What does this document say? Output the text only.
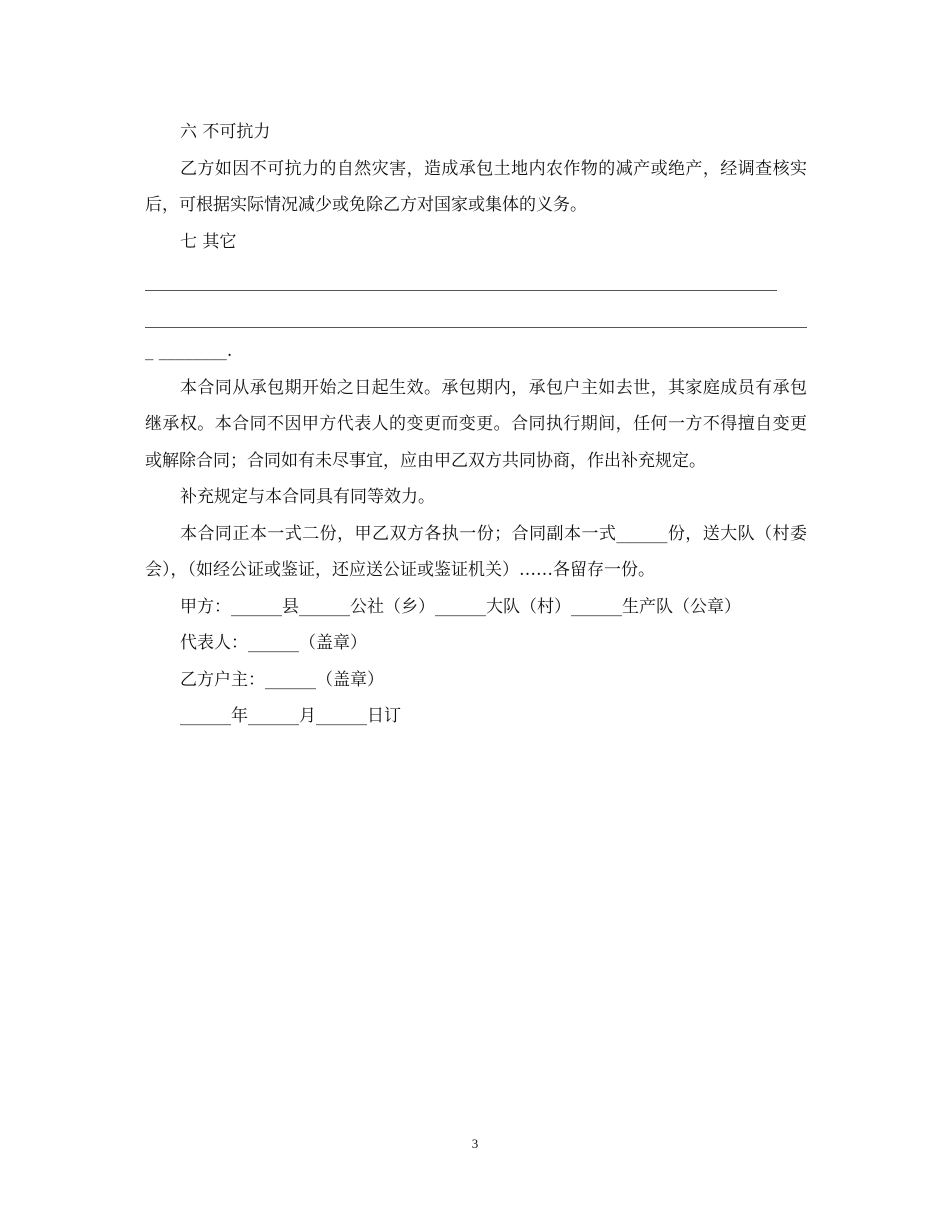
六 不可抗力

乙方如因不可抗力的自然灾害，造成承包土地内农作物的减产或绝产，经调查核实后，可根据实际情况减少或免除乙方对国家或集体的义务。

七 其它

_ ________.

本合同从承包期开始之日起生效。承包期内，承包户主如去世，其家庭成员有承包继承权。本合同不因甲方代表人的变更而变更。合同执行期间，任何一方不得擅自变更或解除合同；合同如有未尽事宜，应由甲乙双方共同协商，作出补充规定。

补充规定与本合同具有同等效力。

本合同正本一式二份，甲乙双方各执一份；合同副本一式______份，送大队（村委会），（如经公证或鉴证，还应送公证或鉴证机关）……各留存一份。

甲方：______县______公社（乡）______大队（村）______生产队（公章）

代表人：______（盖章）

乙方户主：______（盖章）

______年______月______日订

3
